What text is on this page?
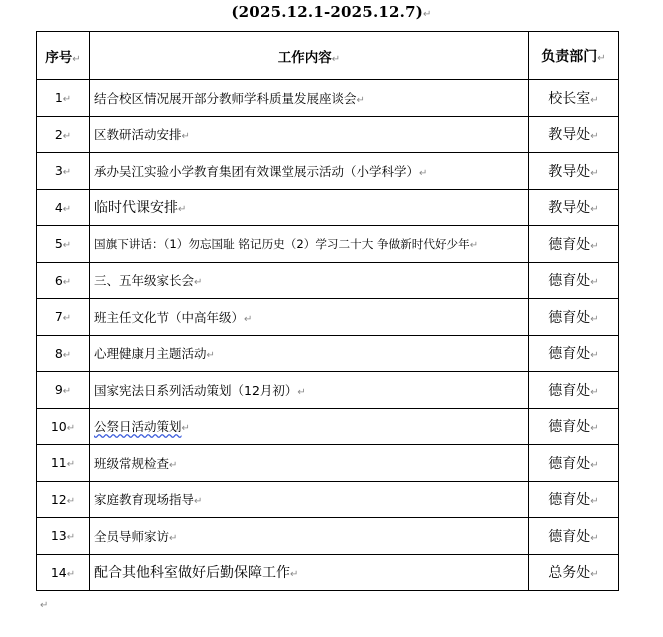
(2025.12.1-2025.12.7)↵
序号↵	工作内容↵	负责部门↵
1↵	结合校区情况展开部分教师学科质量发展座谈会↵	校长室↵
2↵	区教研活动安排↵	教导处↵
3↵	承办吴江实验小学教育集团有效课堂展示活动（小学科学）↵	教导处↵
4↵	临时代课安排↵	教导处↵
5↵	国旗下讲话：（1）勿忘国耻 铭记历史（2）学习二十大 争做新时代好少年↵	德育处↵
6↵	三、五年级家长会↵	德育处↵
7↵	班主任文化节（中高年级）↵	德育处↵
8↵	心理健康月主题活动↵	德育处↵
9↵	国家宪法日系列活动策划（12月初）↵	德育处↵
10↵	公祭日活动策划↵	德育处↵
11↵	班级常规检查↵	德育处↵
12↵	家庭教育现场指导↵	德育处↵
13↵	全员导师家访↵	德育处↵
14↵	配合其他科室做好后勤保障工作↵	总务处↵
↵
